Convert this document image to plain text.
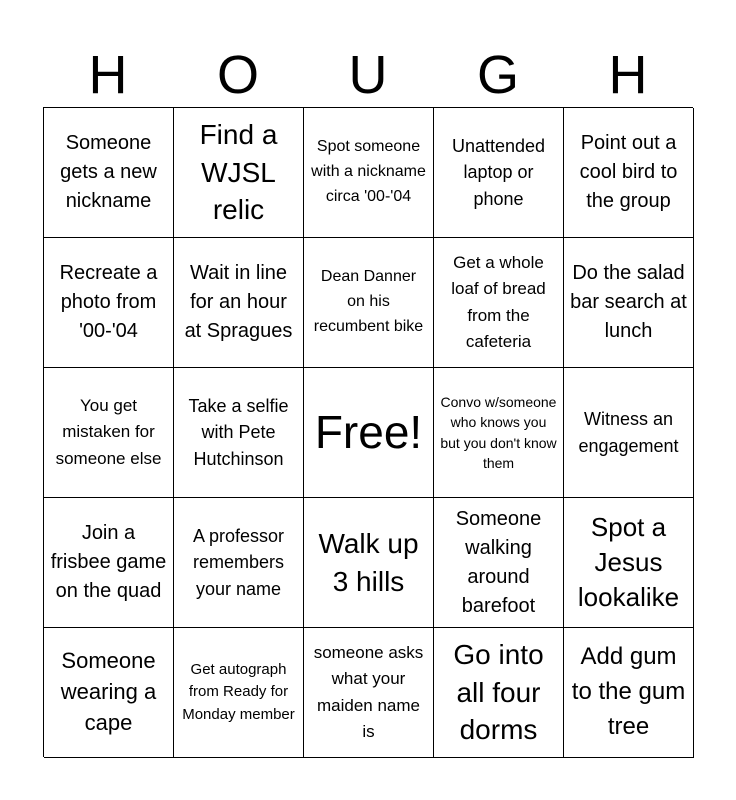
H	O	U	G	H
Someone gets a new nickname
Find a WJSL relic
Spot someone with a nickname circa '00-'04
Unattended laptop or phone
Point out a cool bird to the group
Recreate a photo from '00-'04
Wait in line for an hour at Spragues
Dean Danner on his recumbent bike
Get a whole loaf of bread from the cafeteria
Do the salad bar search at lunch
You get mistaken for someone else
Take a selfie with Pete Hutchinson
Free!
Convo w/someone who knows you but you don't know them
Witness an engagement
Join a frisbee game on the quad
A professor remembers your name
Walk up 3 hills
Someone walking around barefoot
Spot a Jesus lookalike
Someone wearing a cape
Get autograph from Ready for Monday member
someone asks what your maiden name is
Go into all four dorms
Add gum to the gum tree
